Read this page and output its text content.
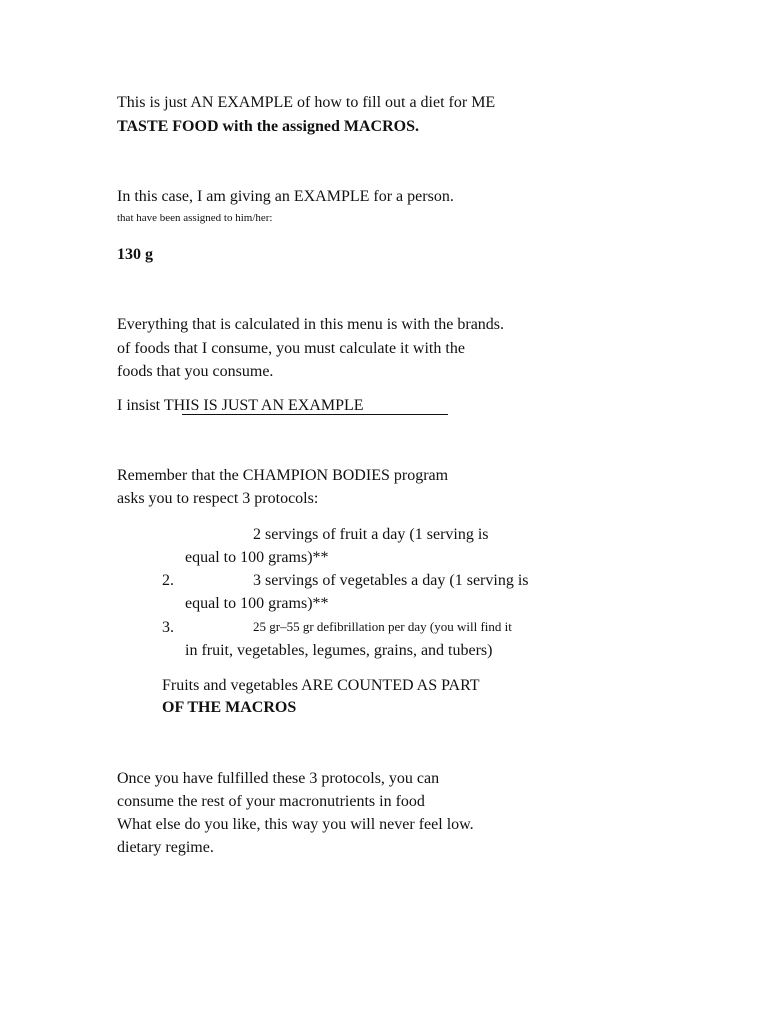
This is just AN EXAMPLE of how to fill out a diet for ME
TASTE FOOD with the assigned MACROS.
In this case, I am giving an EXAMPLE for a person.
that have been assigned to him/her:
130 g
Everything that is calculated in this menu is with the brands.
of foods that I consume, you must calculate it with the
foods that you consume.
I insist THIS IS JUST AN EXAMPLE
Remember that the CHAMPION BODIES program
asks you to respect 3 protocols:
2 servings of fruit a day (1 serving is
equal to 100 grams)**
2.	3 servings of vegetables a day (1 serving is
equal to 100 grams)**
3.	25 gr–55 gr defibrillation per day (you will find it
in fruit, vegetables, legumes, grains, and tubers)
Fruits and vegetables ARE COUNTED AS PART
OF THE MACROS
Once you have fulfilled these 3 protocols, you can
consume the rest of your macronutrients in food
What else do you like, this way you will never feel low.
dietary regime.
